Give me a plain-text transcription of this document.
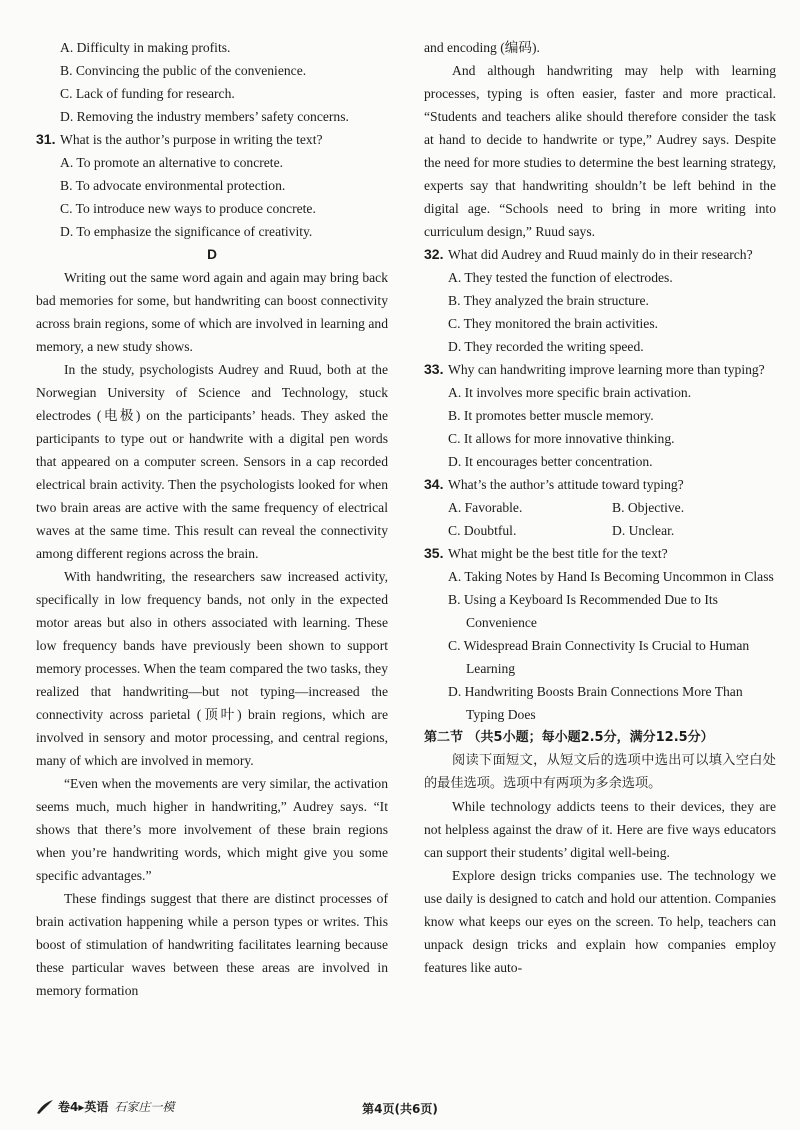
A. Difficulty in making profits.
B. Convincing the public of the convenience.
C. Lack of funding for research.
D. Removing the industry members’ safety concerns.
31. What is the author’s purpose in writing the text?
A. To promote an alternative to concrete.
B. To advocate environmental protection.
C. To introduce new ways to produce concrete.
D. To emphasize the significance of creativity.
D
Writing out the same word again and again may bring back bad memories for some, but handwriting can boost connectivity across brain regions, some of which are involved in learning and memory, a new study shows.
In the study, psychologists Audrey and Ruud, both at the Norwegian University of Science and Technology, stuck electrodes (电极) on the participants’ heads. They asked the participants to type out or handwrite with a digital pen words that appeared on a computer screen. Sensors in a cap recorded electrical brain activity. Then the psychologists looked for when two brain areas are active with the same frequency of electrical waves at the same time. This result can reveal the connectivity among different regions across the brain.
With handwriting, the researchers saw increased activity, specifically in low frequency bands, not only in the expected motor areas but also in others associated with learning. These low frequency bands have previously been shown to support memory processes. When the team compared the two tasks, they realized that handwriting—but not typing—increased the connectivity across parietal (顶叶) brain regions, which are involved in sensory and motor processing, and central regions, many of which are involved in memory.
“Even when the movements are very similar, the activation seems much, much higher in handwriting,” Audrey says. “It shows that there’s more involvement of these brain regions when you’re handwriting words, which might give you some specific advantages.”
These findings suggest that there are distinct processes of brain activation happening while a person types or writes. This boost of stimulation of handwriting facilitates learning because these particular waves between these areas are involved in memory formation
and encoding (编码).
And although handwriting may help with learning processes, typing is often easier, faster and more practical. “Students and teachers alike should therefore consider the task at hand to decide to handwrite or type,” Audrey says. Despite the need for more studies to determine the best learning strategy, experts say that handwriting shouldn’t be left behind in the digital age. “Schools need to bring in more writing into curriculum design,” Ruud says.
32. What did Audrey and Ruud mainly do in their research?
A. They tested the function of electrodes.
B. They analyzed the brain structure.
C. They monitored the brain activities.
D. They recorded the writing speed.
33. Why can handwriting improve learning more than typing?
A. It involves more specific brain activation.
B. It promotes better muscle memory.
C. It allows for more innovative thinking.
D. It encourages better concentration.
34. What’s the author’s attitude toward typing?
A. Favorable.	B. Objective.
C. Doubtful.	D. Unclear.
35. What might be the best title for the text?
A. Taking Notes by Hand Is Becoming Uncommon in Class
B. Using a Keyboard Is Recommended Due to Its Convenience
C. Widespread Brain Connectivity Is Crucial to Human Learning
D. Handwriting Boosts Brain Connections More Than Typing Does
第二节 （共5小题；每小题2.5分，满分12.5分）
阅读下面短文，从短文后的选项中选出可以填入空白处的最佳选项。选项中有两项为多余选项。
While technology addicts teens to their devices, they are not helpless against the draw of it. Here are five ways educators can support their students’ digital well-being.
Explore design tricks companies use. The technology we use daily is designed to catch and hold our attention. Companies know what keeps our eyes on the screen. To help, teachers can unpack design tricks and explain how companies employ features like auto-
卷4▸英语 石家庄一模	第4页(共6页)
